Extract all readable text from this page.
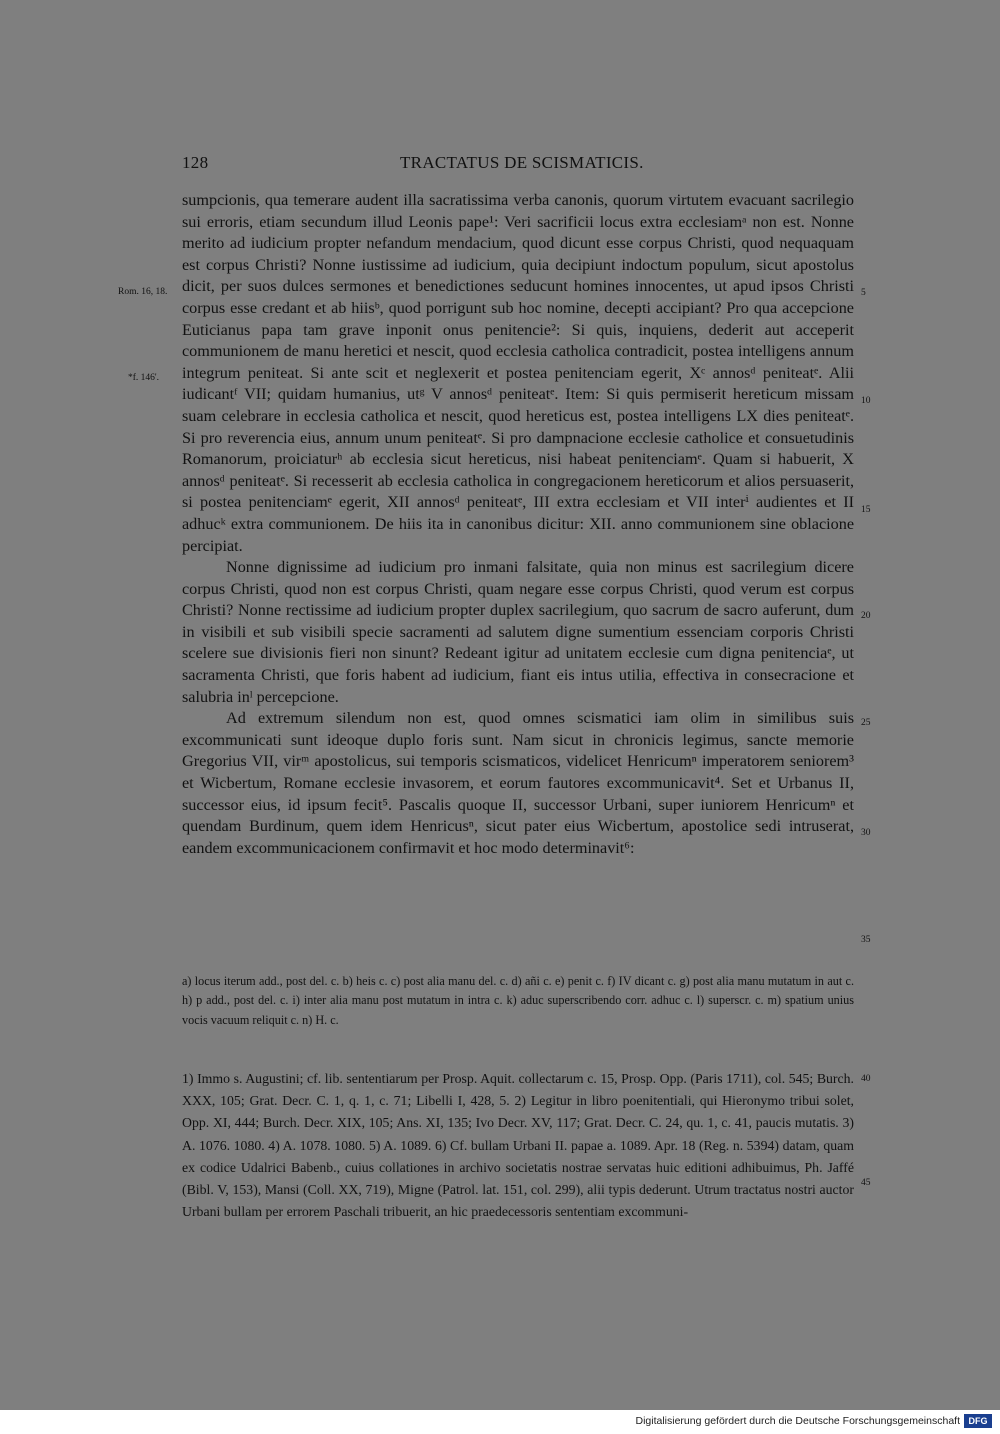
128	TRACTATUS DE SCISMATICIS.
Rom. 16, 18.
*f. 146'.
5
10
15
20
25
30
35

sumpcionis, qua temerare audent illa sacratissima verba canonis, quorum virtutem evacuant sacrilegio sui erroris, etiam secundum illud Leonis pape¹: Veri sacrificii locus extra ecclesiamᵃ non est. Nonne merito ad iudicium propter nefandum mendacium, quod dicunt esse corpus Christi, quod nequaquam est corpus Christi? Nonne iustissime ad iudicium, quia decipiunt indoctum populum, sicut apostolus dicit, per suos dulces sermones et benedictiones seducunt homines innocentes, ut apud ipsos Christi corpus esse credant et ab hiisᵇ, quod porrigunt sub hoc nomine, decepti accipiant? Pro qua accepcione Euticianus papa tam grave inponit onus penitencie²: Si quis, inquiens, dederit aut acceperit communionem de manu heretici et nescit, quod ecclesia catholica contradicit, postea intelligens annum integrum peniteat. Si ante scit et neglexerit et postea penitenciam egerit, Xᶜ annosᵈ peniteatᵉ. Alii iudicantᶠ VII; quidam humanius, utᵍ V annosᵈ peniteatᵉ. Item: Si quis permiserit hereticum missam suam celebrare in ecclesia catholica et nescit, quod hereticus est, postea intelligens LX dies peniteatᵉ. Si pro reverencia eius, annum unum peniteatᵉ. Si pro dampnacione ecclesie catholice et consuetudinis Romanorum, proiciaturʰ ab ecclesia sicut hereticus, nisi habeat penitenciamᵉ. Quam si habuerit, X annosᵈ peniteatᵉ. Si recesserit ab ecclesia catholica in congregacionem hereticorum et alios persuaserit, si postea penitenciamᵉ egerit, XII annosᵈ peniteatᵉ, III extra ecclesiam et VII interⁱ audientes et II adhucᵏ extra communionem. De hiis ita in canonibus dicitur: XII. anno communionem sine oblacione percipiat.

Nonne dignissime ad iudicium pro inmani falsitate, quia non minus est sacrilegium dicere corpus Christi, quod non est corpus Christi, quam negare esse corpus Christi, quod verum est corpus Christi? Nonne rectissime ad iudicium propter duplex sacrilegium, quo sacrum de sacro auferunt, dum in visibili et sub visibili specie sacramenti ad salutem digne sumentium essenciam corporis Christi scelere sue divisionis fieri non sinunt? Redeant igitur ad unitatem ecclesie cum digna penitenciaᵉ, ut sacramenta Christi, que foris habent ad iudicium, fiant eis intus utilia, effectiva in consecracione et salubria inˡ percepcione.

Ad extremum silendum non est, quod omnes scismatici iam olim in similibus suis excommunicati sunt ideoque duplo foris sunt. Nam sicut in chronicis legimus, sancte memorie Gregorius VII, virᵐ apostolicus, sui temporis scismaticos, videlicet Henricumⁿ imperatorem seniorem³ et Wicbertum, Romane ecclesie invasorem, et eorum fautores excommunicavit⁴. Set et Urbanus II, successor eius, id ipsum fecit⁵. Pascalis quoque II, successor Urbani, super iuniorem Henricumⁿ et quendam Burdinum, quem idem Henricusⁿ, sicut pater eius Wicbertum, apostolice sedi intruserat, eandem excommunicacionem confirmavit et hoc modo determinavit⁶:

a) locus iterum add., post del. c. b) heis c. c) post alia manu del. c. d) añi c. e) penit c. f) IV dicant c. g) post alia manu mutatum in aut c. h) p add., post del. c. i) inter alia manu post mutatum in intra c. k) aduc superscribendo corr. adhuc c. l) superscr. c. m) spatium unius vocis vacuum reliquit c. n) H. c.

40
45

1) Immo s. Augustini; cf. lib. sententiarum per Prosp. Aquit. collectarum c. 15, Prosp. Opp. (Paris 1711), col. 545; Burch. XXX, 105; Grat. Decr. C. 1, q. 1, c. 71; Libelli I, 428, 5. 2) Legitur in libro poenitentiali, qui Hieronymo tribui solet, Opp. XI, 444; Burch. Decr. XIX, 105; Ans. XI, 135; Ivo Decr. XV, 117; Grat. Decr. C. 24, qu. 1, c. 41, paucis mutatis. 3) A. 1076. 1080. 4) A. 1078. 1080. 5) A. 1089. 6) Cf. bullam Urbani II. papae a. 1089. Apr. 18 (Reg. n. 5394) datam, quam ex codice Udalrici Babenb., cuius collationes in archivo societatis nostrae servatas huic editioni adhibuimus, Ph. Jaffé (Bibl. V, 153), Mansi (Coll. XX, 719), Migne (Patrol. lat. 151, col. 299), alii typis dederunt. Utrum tractatus nostri auctor Urbani bullam per errorem Paschali tribuerit, an hic praedecessoris sententiam excommuni-

Digitalisierung gefördert durch die Deutsche Forschungsgemeinschaft DFG
